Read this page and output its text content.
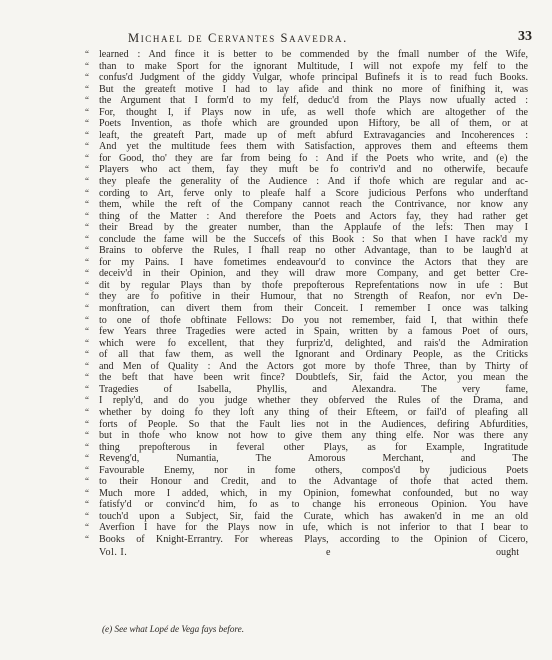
Michael de Cervantes Saavedra.	33
“ learned : And fince it is better to be commended by the fmall number of the Wife,
“ than to make Sport for the ignorant Multitude, I will not expofe my felf to the
“ confus'd Judgment of the giddy Vulgar, whofe principal Bufinefs it is to read fuch Books.
“ But the greateft motive I had to lay afide and think no more of finifhing it, was
“ the Argument that I form'd to my felf, deduc'd from the Plays now ufually acted :
“ For, thought I, if Plays now in ufe, as well thofe which are altogether of the
“ Poets Invention, as thofe which are grounded upon Hiftory, be all of them, or at
“ leaft, the greateft Part, made up of meft abfurd Extravagancies and Incoherences :
“ And yet the multitude fees them with Satisfaction, approves them and efteems them
“ for Good, tho' they are far from being fo : And if the Poets who write, and (e) the
“ Players who act them, fay they muft be fo contriv'd and no otherwife, becaufe
“ they pleafe the generality of the Audience : And if thofe which are regular and ac-
“ cording to Art, ferve only to pleafe half a Score judicious Perfons who underftand
“ them, while the reft of the Company cannot reach the Contrivance, nor know any
“ thing of the Matter : And therefore the Poets and Actors fay, they had rather get
“ their Bread by the greater number, than the Applaufe of the lefs: Then may I
“ conclude the fame will be the Succefs of this Book : So that when I have rack'd my
“ Brains to obferve the Rules, I fhall reap no other Advantage, than to be laugh'd at
“ for my Pains. I have fometimes endeavour'd to convince the Actors that they are
“ deceiv'd in their Opinion, and they will draw more Company, and get better Cre-
“ dit by regular Plays than by thofe prepofterous Reprefentations now in ufe : But
“ they are fo pofitive in their Humour, that no Strength of Reafon, nor ev'n De-
“ monftration, can divert them from their Conceit. I remember I once was talking
“ to one of thofe obftinate Fellows: Do you not remember, faid I, that within thefe
“ few Years three Tragedies were acted in Spain, written by a famous Poet of ours,
“ which were fo excellent, that they furpriz'd, delighted, and rais'd the Admiration
“ of all that faw them, as well the Ignorant and Ordinary People, as the Criticks
“ and Men of Quality : And the Actors got more by thofe Three, than by Thirty of
“ the beft that have been writ fince? Doubtlefs, Sir, faid the Actor, you mean the
“ Tragedies of Isabella, Phyllis, and Alexandra. The very fame,
“ I reply'd, and do you judge whether they obferved the Rules of the Drama, and
“ whether by doing fo they loft any thing of their Efteem, or fail'd of pleafing all
“ forts of People. So that the Fault lies not in the Audiences, defiring Abfurdities,
“ but in thofe who know not how to give them any thing elfe. Nor was there any
“ thing prepofterous in feveral other Plays, as for Example, Ingratitude
“ Reveng'd, Numantia, The Amorous Merchant, and The
“ Favourable Enemy, nor in fome others, compos'd by judicious Poets
“ to their Honour and Credit, and to the Advantage of thofe that acted them.
“ Much more I added, which, in my Opinion, fomewhat confounded, but no way
“ fatisfy'd or convinc'd him, fo as to change his erroneous Opinion. You have
“ touch'd upon a Subject, Sir, faid the Curate, which has awaken'd in me an old
“ Averfion I have for the Plays now in ufe, which is not inferior to that I bear to
“ Books of Knight-Errantry. For whereas Plays, according to the Opinion of Cicero,
Vol. I.	e	ought
(e) See what Lopé de Vega fays before.
